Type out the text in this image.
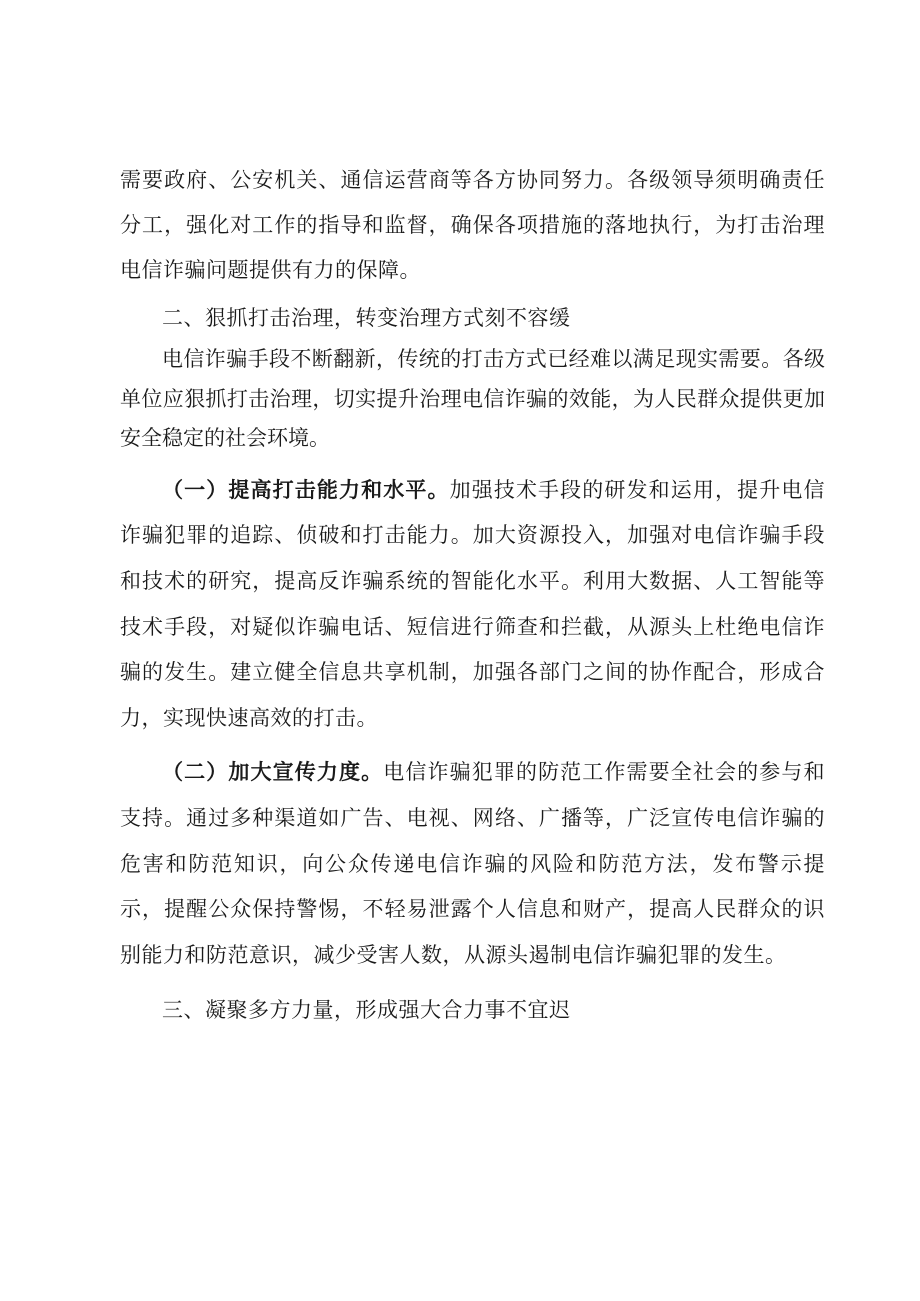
需要政府、公安机关、通信运营商等各方协同努力。各级领导须明确责任分工，强化对工作的指导和监督，确保各项措施的落地执行，为打击治理电信诈骗问题提供有力的保障。

二、狠抓打击治理，转变治理方式刻不容缓

电信诈骗手段不断翻新，传统的打击方式已经难以满足现实需要。各级单位应狠抓打击治理，切实提升治理电信诈骗的效能，为人民群众提供更加安全稳定的社会环境。

（一）提高打击能力和水平。加强技术手段的研发和运用，提升电信诈骗犯罪的追踪、侦破和打击能力。加大资源投入，加强对电信诈骗手段和技术的研究，提高反诈骗系统的智能化水平。利用大数据、人工智能等技术手段，对疑似诈骗电话、短信进行筛查和拦截，从源头上杜绝电信诈骗的发生。建立健全信息共享机制，加强各部门之间的协作配合，形成合力，实现快速高效的打击。

（二）加大宣传力度。电信诈骗犯罪的防范工作需要全社会的参与和支持。通过多种渠道如广告、电视、网络、广播等，广泛宣传电信诈骗的危害和防范知识，向公众传递电信诈骗的风险和防范方法，发布警示提示，提醒公众保持警惕，不轻易泄露个人信息和财产，提高人民群众的识别能力和防范意识，减少受害人数，从源头遏制电信诈骗犯罪的发生。

三、凝聚多方力量，形成强大合力事不宜迟
